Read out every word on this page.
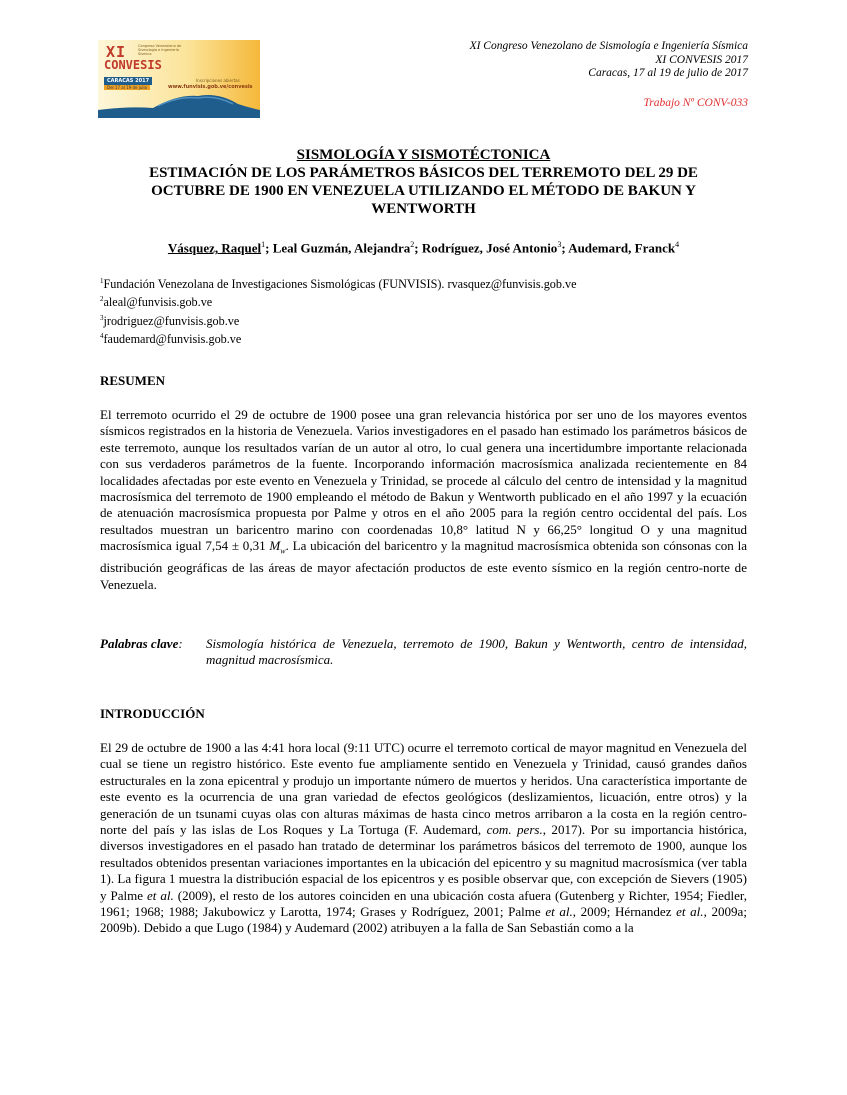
XI
CONVESIS
Congreso Venezolano de Sismología e Ingeniería Sísmica
CARACAS 2017
Del 17 al 19 de julio
Inscripciones abiertas
www.funvisis.gob.ve/convesis
XI Congreso Venezolano de Sismología e Ingeniería Sísmica
XI CONVESIS 2017
Caracas, 17 al 19 de julio de 2017
Trabajo Nº CONV-033
SISMOLOGÍA Y SISMOTÉCTONICA
ESTIMACIÓN DE LOS PARÁMETROS BÁSICOS DEL TERREMOTO DEL 29 DE
OCTUBRE DE 1900 EN VENEZUELA UTILIZANDO EL MÉTODO DE BAKUN Y
WENTWORTH
Vásquez, Raquel$^1$; Leal Guzmán, Alejandra$^2$; Rodríguez, José Antonio$^3$; Audemard, Franck$^4$
$^1$Fundación Venezolana de Investigaciones Sismológicas (FUNVISIS). rvasquez@funvisis.gob.ve
$^2$aleal@funvisis.gob.ve
$^3$jrodriguez@funvisis.gob.ve
$^4$faudemard@funvisis.gob.ve
RESUMEN
El terremoto ocurrido el 29 de octubre de 1900 posee una gran relevancia histórica por ser uno de los mayores eventos sísmicos registrados en la historia de Venezuela. Varios investigadores en el pasado han estimado los parámetros básicos de este terremoto, aunque los resultados varían de un autor al otro, lo cual genera una incertidumbre importante relacionada con sus verdaderos parámetros de la fuente. Incorporando información macrosísmica analizada recientemente en 84 localidades afectadas por este evento en Venezuela y Trinidad, se procede al cálculo del centro de intensidad y la magnitud macrosísmica del terremoto de 1900 empleando el método de Bakun y Wentworth publicado en el año 1997 y la ecuación de atenuación macrosísmica propuesta por Palme y otros en el año 2005 para la región centro occidental del país. Los resultados muestran un baricentro marino con coordenadas 10,8° latitud N y 66,25° longitud O y una magnitud macrosísmica igual 7,54 ± 0,31 $M_w$. La ubicación del baricentro y la magnitud macrosísmica obtenida son cónsonas con la distribución geográficas de las áreas de mayor afectación productos de este evento sísmico en la región centro-norte de Venezuela.
Palabras clave: Sismología histórica de Venezuela, terremoto de 1900, Bakun y Wentworth, centro de intensidad, magnitud macrosísmica.
INTRODUCCIÓN
El 29 de octubre de 1900 a las 4:41 hora local (9:11 UTC) ocurre el terremoto cortical de mayor magnitud en Venezuela del cual se tiene un registro histórico. Este evento fue ampliamente sentido en Venezuela y Trinidad, causó grandes daños estructurales en la zona epicentral y produjo un importante número de muertos y heridos. Una característica importante de este evento es la ocurrencia de una gran variedad de efectos geológicos (deslizamientos, licuación, entre otros) y la generación de un tsunami cuyas olas con alturas máximas de hasta cinco metros arribaron a la costa en la región centro-norte del país y las islas de Los Roques y La Tortuga (F. Audemard, com. pers., 2017). Por su importancia histórica, diversos investigadores en el pasado han tratado de determinar los parámetros básicos del terremoto de 1900, aunque los resultados obtenidos presentan variaciones importantes en la ubicación del epicentro y su magnitud macrosísmica (ver tabla 1). La figura 1 muestra la distribución espacial de los epicentros y es posible observar que, con excepción de Sievers (1905) y Palme et al. (2009), el resto de los autores coinciden en una ubicación costa afuera (Gutenberg y Richter, 1954; Fiedler, 1961; 1968; 1988; Jakubowicz y Larotta, 1974; Grases y Rodríguez, 2001; Palme et al., 2009; Hérnandez et al., 2009a; 2009b). Debido a que Lugo (1984) y Audemard (2002) atribuyen a la falla de San Sebastián como a la
